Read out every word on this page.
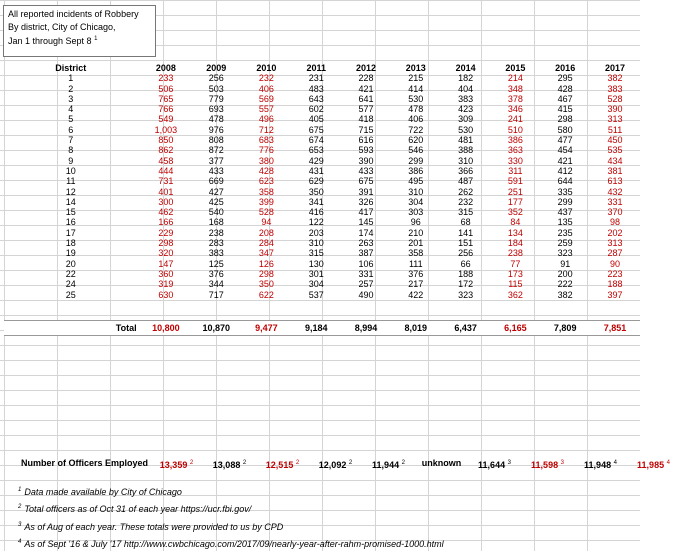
All reported incidents of Robbery
By district, City of Chicago,
Jan 1 through Sept 8 $^1$
District	2008	2009	2010	2011	2012	2013	2014	2015	2016	2017
1	233	256	232	231	228	215	182	214	295	382
2	506	503	406	483	421	414	404	348	428	383
3	765	779	569	643	641	530	383	378	467	528
4	766	693	557	602	577	478	423	346	415	390
5	549	478	496	405	418	406	309	241	298	313
6	1,003	976	712	675	715	722	530	510	580	511
7	850	808	683	674	616	620	481	386	477	450
8	862	872	776	653	593	546	388	363	454	535
9	458	377	380	429	390	299	310	330	421	434
10	444	433	428	431	433	386	366	311	412	381
11	731	669	623	629	675	495	487	591	644	613
12	401	427	358	350	391	310	262	251	335	432
14	300	425	399	341	326	304	232	177	299	331
15	462	540	528	416	417	303	315	352	437	370
16	166	168	94	122	145	96	68	84	135	98
17	229	238	208	203	174	210	141	134	235	202
18	298	283	284	310	263	201	151	184	259	313
19	320	383	347	315	387	358	256	238	323	287
20	147	125	126	130	106	111	66	77	91	90
22	360	376	298	301	331	376	188	173	200	223
24	319	344	350	304	257	217	172	115	222	188
25	630	717	622	537	490	422	323	362	382	397

Total	10,800	10,870	9,477	9,184	8,994	8,019	6,437	6,165	7,809	7,851
Number of Officers Employed	13,359 $^2$	13,088 $^2$	12,515 $^2$	12,092 $^2$	11,944 $^2$	unknown	11,644 $^3$	11,598 $^3$	11,948 $^4$	11,985 $^4$
$^1$ Data made available by City of Chicago
$^2$ Total officers as of Oct 31 of each year https://ucr.fbi.gov/
$^3$ As of Aug of each year. These totals were provided to us by CPD
$^4$ As of Sept '16 & July '17 http://www.cwbchicago.com/2017/09/nearly-year-after-rahm-promised-1000.html
